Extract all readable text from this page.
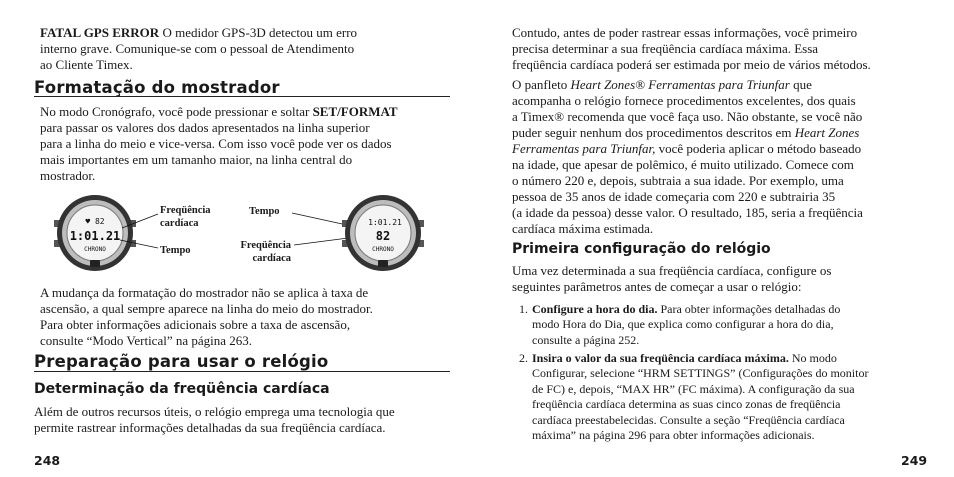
FATAL GPS ERROR O medidor GPS-3D detectou um erro
interno grave. Comunique-se com o pessoal de Atendimento
ao Cliente Timex.
Formatação do mostrador
No modo Cronógrafo, você pode pressionar e soltar SET/FORMAT
para passar os valores dos dados apresentados na linha superior
para a linha do meio e vice-versa. Com isso você pode ver os dados
mais importantes em um tamanho maior, na linha central do
mostrador.
♥ 82
1:01.21
CHRONO
Freqüência
cardíaca
Tempo
Tempo
Freqüência
cardíaca
1:01.21
82
CHRONO
A mudança da formatação do mostrador não se aplica à taxa de
ascensão, a qual sempre aparece na linha do meio do mostrador.
Para obter informações adicionais sobre a taxa de ascensão,
consulte “Modo Vertical” na página 263.
Preparação para usar o relógio
Determinação da freqüência cardíaca
Além de outros recursos úteis, o relógio emprega uma tecnologia que
permite rastrear informações detalhadas da sua freqüência cardíaca.
248
Contudo, antes de poder rastrear essas informações, você primeiro
precisa determinar a sua freqüência cardíaca máxima. Essa
freqüência cardíaca poderá ser estimada por meio de vários métodos.
O panfleto Heart Zones® Ferramentas para Triunfar que
acompanha o relógio fornece procedimentos excelentes, dos quais
a Timex® recomenda que você faça uso. Não obstante, se você não
puder seguir nenhum dos procedimentos descritos em Heart Zones
Ferramentas para Triunfar, você poderia aplicar o método baseado
na idade, que apesar de polêmico, é muito utilizado. Comece com
o número 220 e, depois, subtraia a sua idade. Por exemplo, uma
pessoa de 35 anos de idade começaria com 220 e subtrairia 35
(a idade da pessoa) desse valor. O resultado, 185, seria a freqüência
cardíaca máxima estimada.
Primeira configuração do relógio
Uma vez determinada a sua freqüência cardíaca, configure os
seguintes parâmetros antes de começar a usar o relógio:
1. Configure a hora do dia. Para obter informações detalhadas do
modo Hora do Dia, que explica como configurar a hora do dia,
consulte a página 252.
2. Insira o valor da sua freqüência cardíaca máxima. No modo
Configurar, selecione “HRM SETTINGS” (Configurações do monitor
de FC) e, depois, “MAX HR” (FC máxima). A configuração da sua
freqüência cardíaca determina as suas cinco zonas de freqüência
cardíaca preestabelecidas. Consulte a seção “Freqüência cardíaca
máxima” na página 296 para obter informações adicionais.
249
